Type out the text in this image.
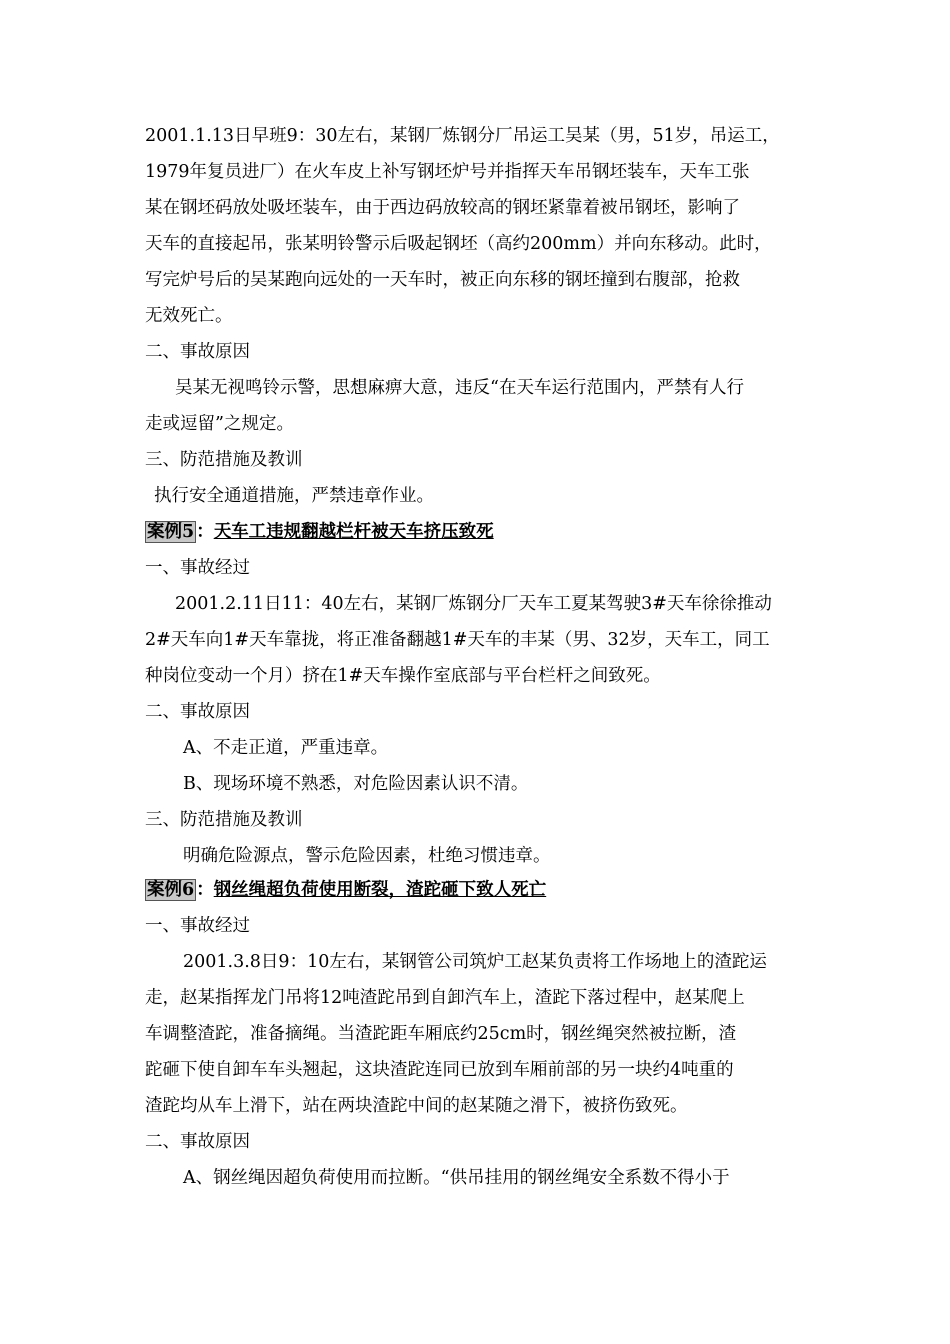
2001.1.13日早班9：30左右，某钢厂炼钢分厂吊运工吴某（男，51岁，吊运工，
1979年复员进厂）在火车皮上补写钢坯炉号并指挥天车吊钢坯装车，天车工张
某在钢坯码放处吸坯装车，由于西边码放较高的钢坯紧靠着被吊钢坯，影响了
天车的直接起吊，张某明铃警示后吸起钢坯（高约200mm）并向东移动。此时，
写完炉号后的吴某跑向远处的一天车时，被正向东移的钢坯撞到右腹部，抢救
无效死亡。
二、事故原因
吴某无视鸣铃示警，思想麻痹大意，违反“在天车运行范围内，严禁有人行
走或逗留”之规定。
三、防范措施及教训
执行安全通道措施，严禁违章作业。
案例5 ：天车工违规翻越栏杆被天车挤压致死
一、事故经过
2001.2.11日11：40左右，某钢厂炼钢分厂天车工夏某驾驶3#天车徐徐推动
2#天车向1#天车靠拢，将正准备翻越1#天车的丰某（男、32岁，天车工，同工
种岗位变动一个月）挤在1#天车操作室底部与平台栏杆之间致死。
二、事故原因
A、不走正道，严重违章。
B、现场环境不熟悉，对危险因素认识不清。
三、防范措施及教训
明确危险源点，警示危险因素，杜绝习惯违章。
案例6 ：钢丝绳超负荷使用断裂，渣跎砸下致人死亡
一、事故经过
2001.3.8日9：10左右，某钢管公司筑炉工赵某负责将工作场地上的渣跎运
走，赵某指挥龙门吊将12吨渣跎吊到自卸汽车上，渣跎下落过程中，赵某爬上
车调整渣跎，准备摘绳。当渣跎距车厢底约25cm时，钢丝绳突然被拉断，渣
跎砸下使自卸车车头翘起，这块渣跎连同已放到车厢前部的另一块约4吨重的
渣跎均从车上滑下，站在两块渣跎中间的赵某随之滑下，被挤伤致死。
二、事故原因
A、钢丝绳因超负荷使用而拉断。“供吊挂用的钢丝绳安全系数不得小于
